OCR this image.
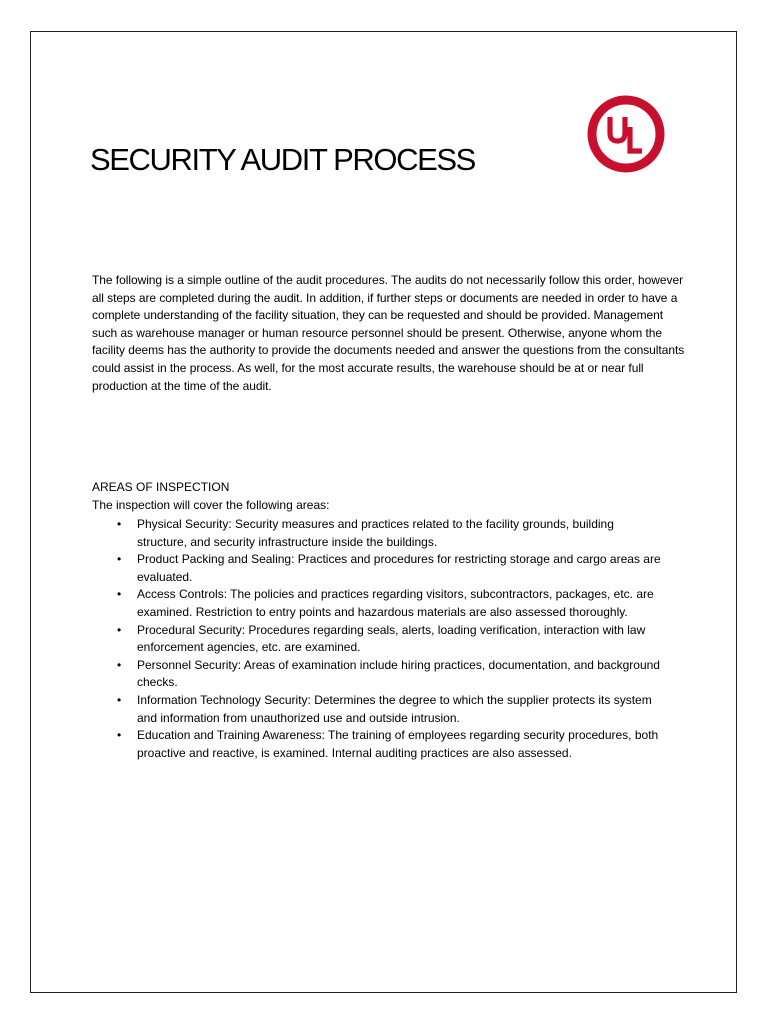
SECURITY AUDIT PROCESS

The following is a simple outline of the audit procedures. The audits do not necessarily follow this order, however all steps are completed during the audit. In addition, if further steps or documents are needed in order to have a complete understanding of the facility situation, they can be requested and should be provided. Management such as warehouse manager or human resource personnel should be present. Otherwise, anyone whom the facility deems has the authority to provide the documents needed and answer the questions from the consultants could assist in the process. As well, for the most accurate results, the warehouse should be at or near full production at the time of the audit.

AREAS OF INSPECTION

The inspection will cover the following areas:

• Physical Security: Security measures and practices related to the facility grounds, building structure, and security infrastructure inside the buildings.
• Product Packing and Sealing: Practices and procedures for restricting storage and cargo areas are evaluated.
• Access Controls: The policies and practices regarding visitors, subcontractors, packages, etc. are examined. Restriction to entry points and hazardous materials are also assessed thoroughly.
• Procedural Security: Procedures regarding seals, alerts, loading verification, interaction with law enforcement agencies, etc. are examined.
• Personnel Security: Areas of examination include hiring practices, documentation, and background checks.
• Information Technology Security: Determines the degree to which the supplier protects its system and information from unauthorized use and outside intrusion.
• Education and Training Awareness: The training of employees regarding security procedures, both proactive and reactive, is examined. Internal auditing practices are also assessed.
